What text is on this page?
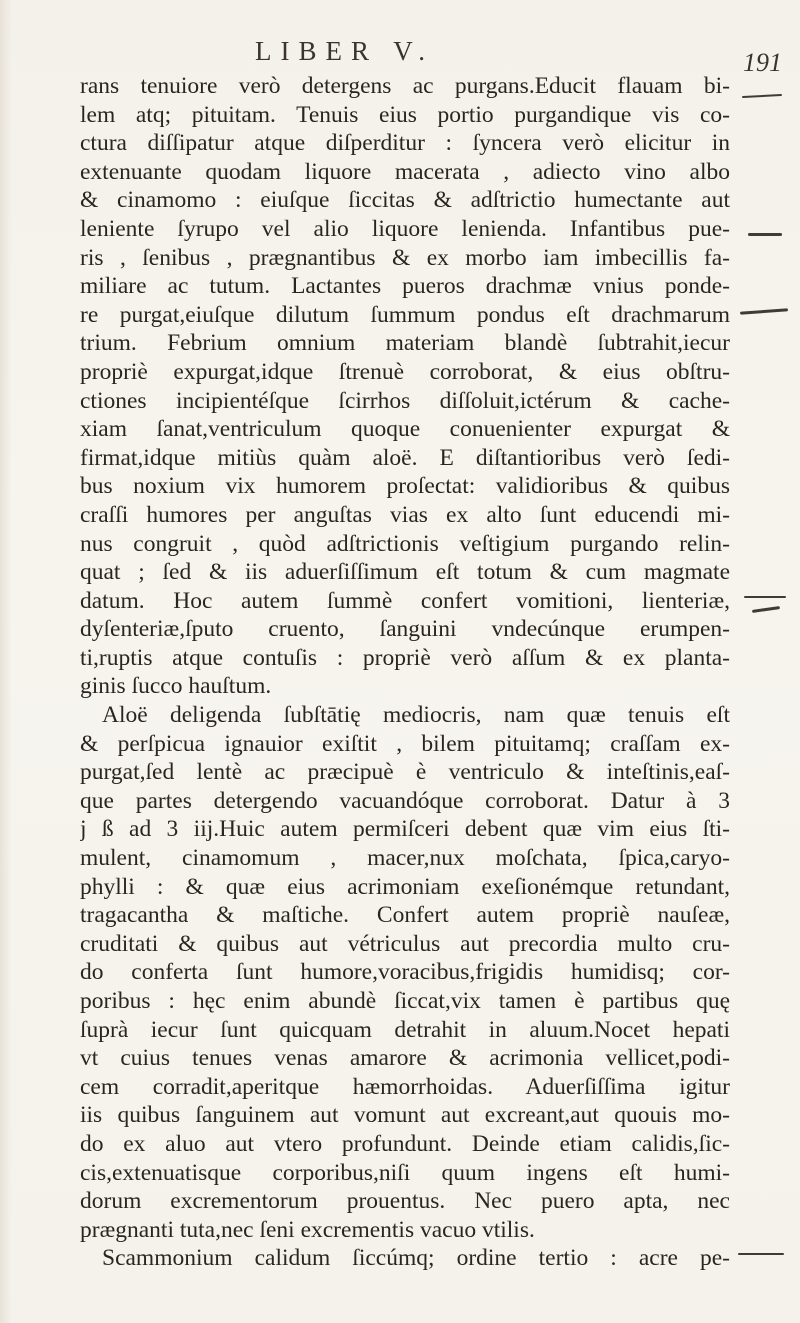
LIBER V.	191
rans tenuiore verò detergens ac purgans.Educit flauam bi-
lem atq; pituitam. Tenuis eius portio purgandique vis co-
ctura diſſipatur atque diſperditur : ſyncera verò elicitur in
extenuante quodam liquore macerata , adiecto vino albo
& cinamomo : eiuſque ſiccitas & adſtrictio humectante aut
leniente ſyrupo vel alio liquore lenienda. Infantibus pue-
ris , ſenibus , prægnantibus & ex morbo iam imbecillis fa-
miliare ac tutum. Lactantes pueros drachmæ vnius ponde-
re purgat,eiuſque dilutum ſummum pondus eſt drachmarum
trium. Febrium omnium materiam blandè ſubtrahit,iecur
propriè expurgat,idque ſtrenuè corroborat, & eius obſtru-
ctiones incipientéſque ſcirrhos diſſoluit,ictérum & cache-
xiam ſanat,ventriculum quoque conuenienter expurgat &
firmat,idque mitiùs quàm aloë. E diſtantioribus verò ſedi-
bus noxium vix humorem proſectat: validioribus & quibus
craſſi humores per anguſtas vias ex alto ſunt educendi mi-
nus congruit , quòd adſtrictionis veſtigium purgando relin-
quat ; ſed & iis aduerſiſſimum eſt totum & cum magmate
datum. Hoc autem ſummè confert vomitioni, lienteriæ,
dyſenteriæ,ſputo cruento, ſanguini vndecúnque erumpen-
ti,ruptis atque contuſis : propriè verò aſſum & ex planta-
ginis ſucco hauſtum.
Aloë deligenda ſubſtātię mediocris, nam quæ tenuis eſt
& perſpicua ignauior exiſtit , bilem pituitamq; craſſam ex-
purgat,ſed lentè ac præcipuè è ventriculo & inteſtinis,eaſ-
que partes detergendo vacuandóque corroborat. Datur à 3
j ß ad 3 iij.Huic autem permiſceri debent quæ vim eius ſti-
mulent, cinamomum , macer,nux moſchata, ſpica,caryo-
phylli : & quæ eius acrimoniam exeſionémque retundant,
tragacantha & maſtiche. Confert autem propriè nauſeæ,
cruditati & quibus aut vétriculus aut precordia multo cru-
do conferta ſunt humore,voracibus,frigidis humidisq; cor-
poribus : hęc enim abundè ſiccat,vix tamen è partibus quę
ſuprà iecur ſunt quicquam detrahit in aluum.Nocet hepati
vt cuius tenues venas amarore & acrimonia vellicet,podi-
cem corradit,aperitque hæmorrhoidas. Aduerſiſſima igitur
iis quibus ſanguinem aut vomunt aut excreant,aut quouis mo-
do ex aluo aut vtero profundunt. Deinde etiam calidis,ſic-
cis,extenuatisque corporibus,niſi quum ingens eſt humi-
dorum excrementorum prouentus. Nec puero apta, nec
prægnanti tuta,nec ſeni excrementis vacuo vtilis.
Scammonium calidum ſiccúmq; ordine tertio : acre pe-
